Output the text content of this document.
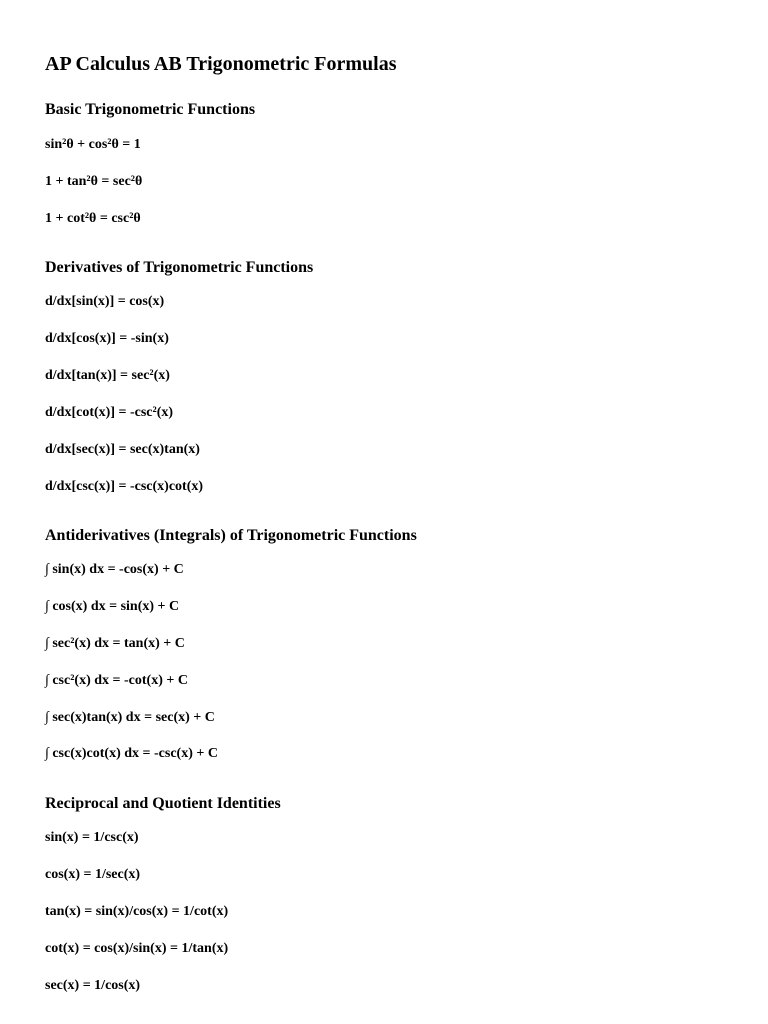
AP Calculus AB Trigonometric Formulas
Basic Trigonometric Functions

sin²θ + cos²θ = 1

1 + tan²θ = sec²θ

1 + cot²θ = csc²θ

Derivatives of Trigonometric Functions

d/dx[sin(x)] = cos(x)

d/dx[cos(x)] = -sin(x)

d/dx[tan(x)] = sec²(x)

d/dx[cot(x)] = -csc²(x)

d/dx[sec(x)] = sec(x)tan(x)

d/dx[csc(x)] = -csc(x)cot(x)

Antiderivatives (Integrals) of Trigonometric Functions

∫ sin(x) dx = -cos(x) + C

∫ cos(x) dx = sin(x) + C

∫ sec²(x) dx = tan(x) + C

∫ csc²(x) dx = -cot(x) + C

∫ sec(x)tan(x) dx = sec(x) + C

∫ csc(x)cot(x) dx = -csc(x) + C

Reciprocal and Quotient Identities

sin(x) = 1/csc(x)

cos(x) = 1/sec(x)

tan(x) = sin(x)/cos(x) = 1/cot(x)

cot(x) = cos(x)/sin(x) = 1/tan(x)

sec(x) = 1/cos(x)
